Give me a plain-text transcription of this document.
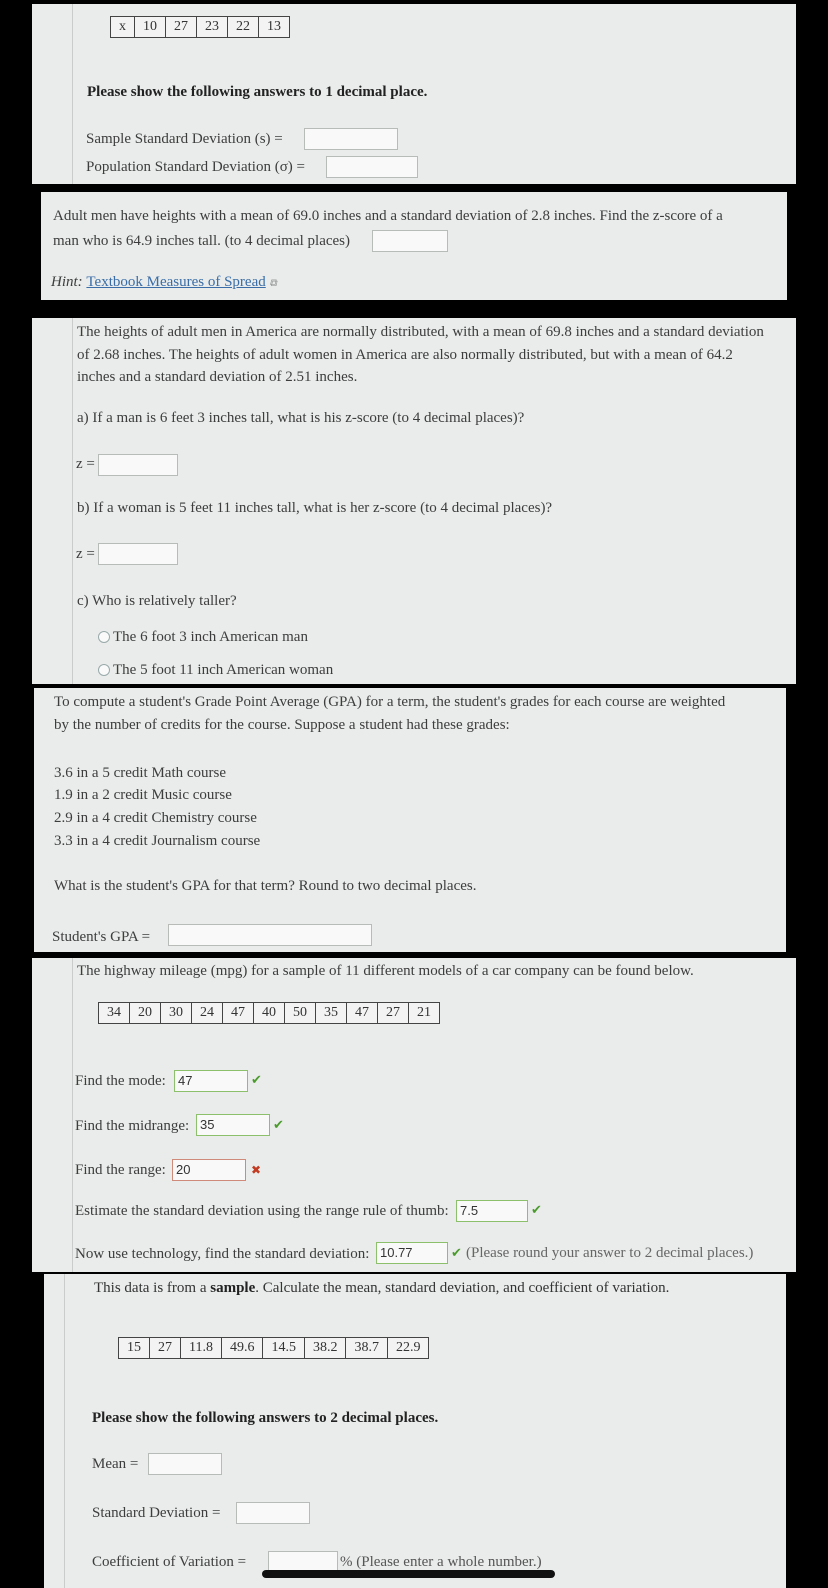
x	10	27	23	22	13
Please show the following answers to 1 decimal place.
Sample Standard Deviation (s) =
Population Standard Deviation (σ) =
Adult men have heights with a mean of 69.0 inches and a standard deviation of 2.8 inches. Find the z-score of a
man who is 64.9 inches tall. (to 4 decimal places)
Hint: Textbook Measures of Spread ⧉
The heights of adult men in America are normally distributed, with a mean of 69.8 inches and a standard deviation
of 2.68 inches. The heights of adult women in America are also normally distributed, but with a mean of 64.2
inches and a standard deviation of 2.51 inches.
a) If a man is 6 feet 3 inches tall, what is his z-score (to 4 decimal places)?
z =
b) If a woman is 5 feet 11 inches tall, what is her z-score (to 4 decimal places)?
z =
c) Who is relatively taller?
The 6 foot 3 inch American man
The 5 foot 11 inch American woman
To compute a student's Grade Point Average (GPA) for a term, the student's grades for each course are weighted
by the number of credits for the course. Suppose a student had these grades:
3.6 in a 5 credit Math course
1.9 in a 2 credit Music course
2.9 in a 4 credit Chemistry course
3.3 in a 4 credit Journalism course
What is the student's GPA for that term? Round to two decimal places.
Student's GPA =
The highway mileage (mpg) for a sample of 11 different models of a car company can be found below.
34	20	30	24	47	40	50	35	47	27	21
Find the mode: 47	✔
Find the midrange: 35	✔
Find the range: 20	✖
Estimate the standard deviation using the range rule of thumb: 7.5	✔
Now use technology, find the standard deviation: 10.77	✔ (Please round your answer to 2 decimal places.)
This data is from a sample. Calculate the mean, standard deviation, and coefficient of variation.
15	27	11.8	49.6	14.5	38.2	38.7	22.9
Please show the following answers to 2 decimal places.
Mean =
Standard Deviation =
Coefficient of Variation =	% (Please enter a whole number.)
